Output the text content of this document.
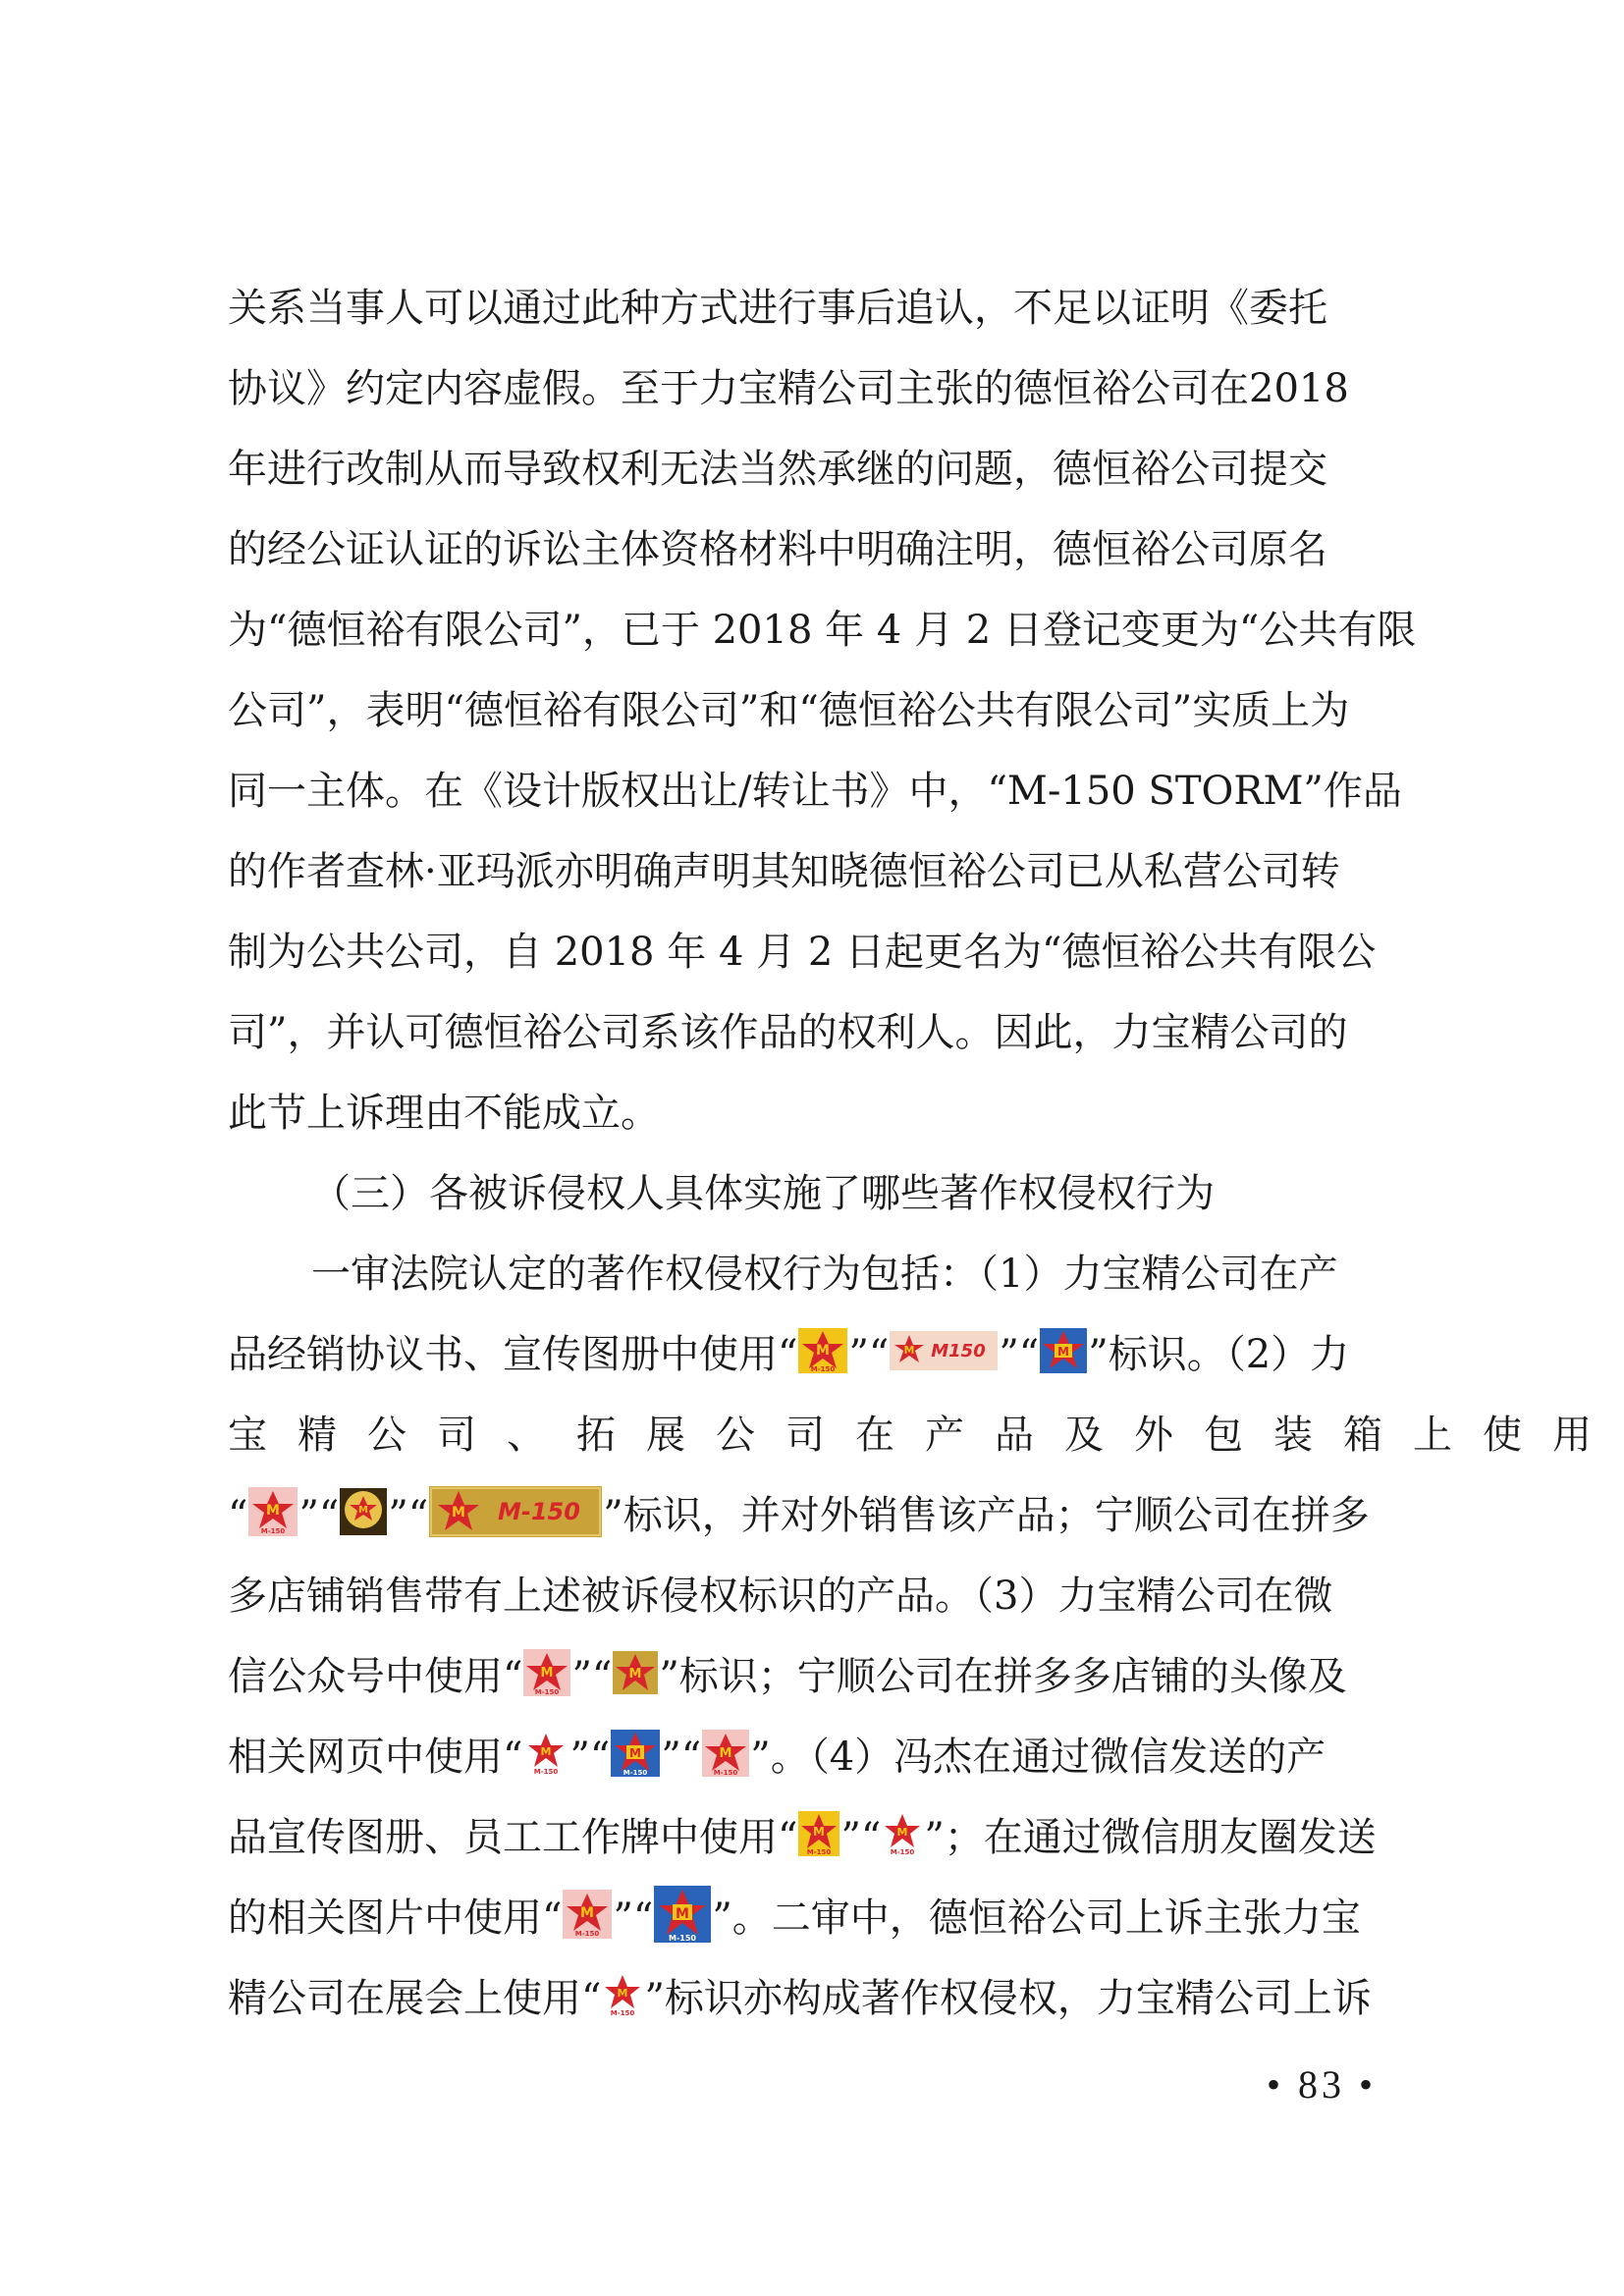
关系当事人可以通过此种方式进行事后追认，不足以证明《委托
协议》约定内容虚假。至于力宝精公司主张的德恒裕公司在2018
年进行改制从而导致权利无法当然承继的问题，德恒裕公司提交
的经公证认证的诉讼主体资格材料中明确注明，德恒裕公司原名
为“德恒裕有限公司”，已于 2018 年 4 月 2 日登记变更为“公共有限
公司”，表明“德恒裕有限公司”和“德恒裕公共有限公司”实质上为
同一主体。在《设计版权出让/转让书》中，“M-150 STORM”作品
的作者查林·亚玛派亦明确声明其知晓德恒裕公司已从私营公司转
制为公共公司，自 2018 年 4 月 2 日起更名为“德恒裕公共有限公
司”，并认可德恒裕公司系该作品的权利人。因此，力宝精公司的
此节上诉理由不能成立。
（三）各被诉侵权人具体实施了哪些著作权侵权行为
一审法院认定的著作权侵权行为包括：（1）力宝精公司在产
品经销协议书、宣传图册中使用“ M
M-150 ”“ M M150 ”“ M ”标识。（2）力
宝精公司、拓展公司在产品及外包装箱上使用
“ M
M-150 ”“ M ”“ M M-150 ”标识，并对外销售该产品；宁顺公司在拼多
多店铺销售带有上述被诉侵权标识的产品。（3）力宝精公司在微
信公众号中使用“ M
M-150 ”“ M ”标识；宁顺公司在拼多多店铺的头像及
相关网页中使用“ M
M-150 ”“ M
M-150 ”“ M
M-150 ”。（4）冯杰在通过微信发送的产
品宣传图册、员工工作牌中使用“ M
M-150 ”“ M
M-150 ”；在通过微信朋友圈发送
的相关图片中使用“ M
M-150 ”“ M
M-150 ”。二审中，德恒裕公司上诉主张力宝
精公司在展会上使用“ M
M-150 ”标识亦构成著作权侵权，力宝精公司上诉
• 83 •
